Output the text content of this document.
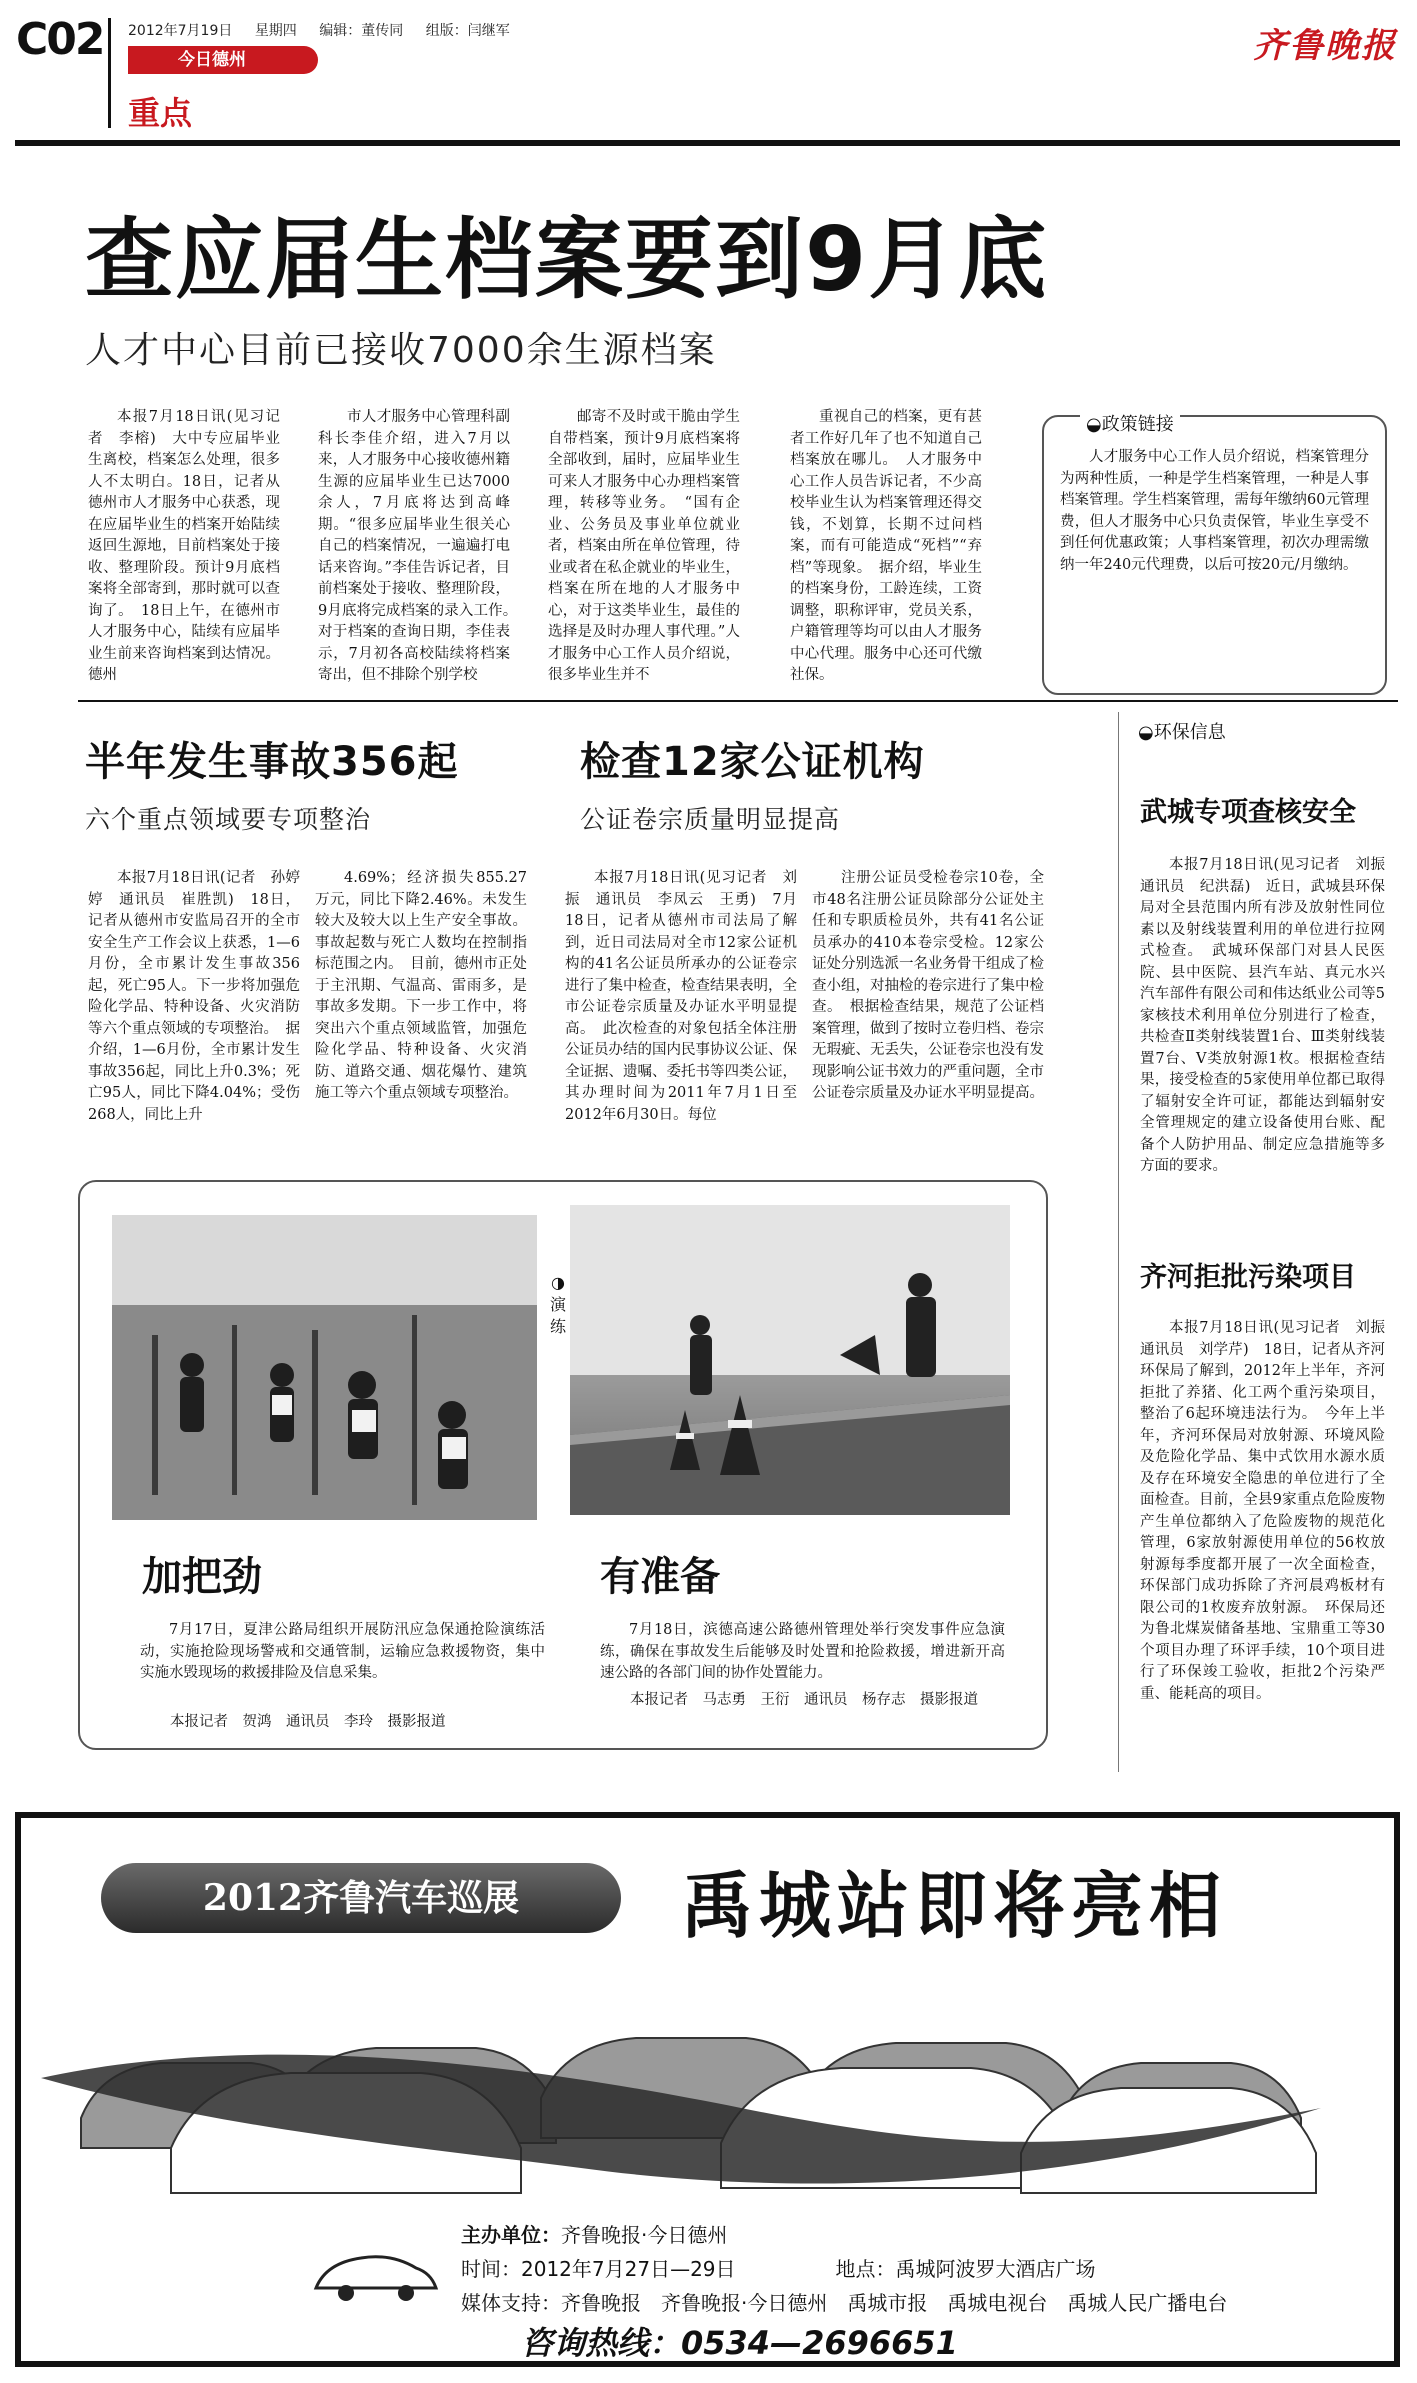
C02 2012年7月19日　 星期四　 编辑：董传同　 组版：闫继军
今日德州
重点
齐鲁晚报
查应届生档案要到9月底
人才中心目前已接收7000余生源档案

本报7月18日讯(见习记者　李榕)　大中专应届毕业生离校，档案怎么处理，很多人不太明白。18日，记者从德州市人才服务中心获悉，现在应届毕业生的档案开始陆续返回生源地，目前档案处于接收、整理阶段。预计9月底档案将全部寄到，那时就可以查询了。　18日上午，在德州市人才服务中心，陆续有应届毕业生前来咨询档案到达情况。德州

市人才服务中心管理科副科长李佳介绍，进入7月以来，人才服务中心接收德州籍生源的应届毕业生已达7000余人，7月底将达到高峰期。“很多应届毕业生很关心自己的档案情况，一遍遍打电话来咨询。”李佳告诉记者，目前档案处于接收、整理阶段，9月底将完成档案的录入工作。　对于档案的查询日期，李佳表示，7月初各高校陆续将档案寄出，但不排除个别学校

邮寄不及时或干脆由学生自带档案，预计9月底档案将全部收到，届时，应届毕业生可来人才服务中心办理档案管理，转移等业务。　“国有企业、公务员及事业单位就业者，档案由所在单位管理，待业或者在私企就业的毕业生，档案在所在地的人才服务中心，对于这类毕业生，最佳的选择是及时办理人事代理。”人才服务中心工作人员介绍说，很多毕业生并不

重视自己的档案，更有甚者工作好几年了也不知道自己档案放在哪儿。　人才服务中心工作人员告诉记者，不少高校毕业生认为档案管理还得交钱，不划算，长期不过问档案，而有可能造成“死档”“弃档”等现象。　据介绍，毕业生的档案身份，工龄连续，工资调整，职称评审，党员关系，户籍管理等均可以由人才服务中心代理。服务中心还可代缴社保。

人才服务中心工作人员介绍说，档案管理分为两种性质，一种是学生档案管理，一种是人事档案管理。学生档案管理，需每年缴纳60元管理费，但人才服务中心只负责保管，毕业生享受不到任何优惠政策；人事档案管理，初次办理需缴纳一年240元代理费，以后可按20元/月缴纳。

◒政策链接
半年发生事故356起
六个重点领域要专项整治

本报7月18日讯(记者　孙婷婷　通讯员　崔胜凯)　18日，记者从德州市安监局召开的全市安全生产工作会议上获悉，1—6月份，全市累计发生事故356起，死亡95人。下一步将加强危险化学品、特种设备、火灾消防等六个重点领域的专项整治。　据介绍，1—6月份，全市累计发生事故356起，同比上升0.3%；死亡95人，同比下降4.04%；受伤268人，同比上升

4.69%；经济损失855.27万元，同比下降2.46%。未发生较大及较大以上生产安全事故。事故起数与死亡人数均在控制指标范围之内。　目前，德州市正处于主汛期、气温高、雷雨多，是事故多发期。下一步工作中，将突出六个重点领域监管，加强危险化学品、特种设备、火灾消防、道路交通、烟花爆竹、建筑施工等六个重点领域专项整治。

检查12家公证机构
公证卷宗质量明显提高

本报7月18日讯(见习记者　刘振　通讯员　李凤云　王勇)　7月18日，记者从德州市司法局了解到，近日司法局对全市12家公证机构的41名公证员所承办的公证卷宗进行了集中检查，检查结果表明，全市公证卷宗质量及办证水平明显提高。　此次检查的对象包括全体注册公证员办结的国内民事协议公证、保全证据、遗嘱、委托书等四类公证，其办理时间为2011年7月1日至2012年6月30日。每位

注册公证员受检卷宗10卷，全市48名注册公证员除部分公证处主任和专职质检员外，共有41名公证员承办的410本卷宗受检。12家公证处分别选派一名业务骨干组成了检查小组，对抽检的卷宗进行了集中检查。　根据检查结果，规范了公证档案管理，做到了按时立卷归档、卷宗无瑕疵、无丢失，公证卷宗也没有发现影响公证书效力的严重问题，全市公证卷宗质量及办证水平明显提高。

◒环保信息
武城专项查核安全

本报7月18日讯(见习记者　刘振　通讯员　纪洪磊)　近日，武城县环保局对全县范围内所有涉及放射性同位素以及射线装置利用的单位进行拉网式检查。　武城环保部门对县人民医院、县中医院、县汽车站、真元水兴汽车部件有限公司和伟达纸业公司等5家核技术利用单位分别进行了检查，共检查Ⅱ类射线装置1台、Ⅲ类射线装置7台、Ⅴ类放射源1枚。根据检查结果，接受检查的5家使用单位都已取得了辐射安全许可证，都能达到辐射安全管理规定的建立设备使用台账、配备个人防护用品、制定应急措施等多方面的要求。

齐河拒批污染项目

本报7月18日讯(见习记者　刘振　通讯员　刘学芹)　18日，记者从齐河环保局了解到，2012年上半年，齐河拒批了养猪、化工两个重污染项目，整治了6起环境违法行为。　今年上半年，齐河环保局对放射源、环境风险及危险化学品、集中式饮用水源水质及存在环境安全隐患的单位进行了全面检查。目前，全县9家重点危险废物产生单位都纳入了危险废物的规范化管理，6家放射源使用单位的56枚放射源每季度都开展了一次全面检查，环保部门成功拆除了齐河晨鸡板材有限公司的1枚废弃放射源。　环保局还为鲁北煤炭储备基地、宝鼎重工等30个项目办理了环评手续，10个项目进行了环保竣工验收，拒批2个污染严重、能耗高的项目。

◑
演练
加把劲

7月17日，夏津公路局组织开展防汛应急保通抢险演练活动，实施抢险现场警戒和交通管制，运输应急救援物资，集中实施水毁现场的救援排险及信息采集。

本报记者　贺鸿　通讯员　李玲　摄影报道
有准备

7月18日，滨德高速公路德州管理处举行突发事件应急演练，确保在事故发生后能够及时处置和抢险救援，增进新开高速公路的各部门间的协作处置能力。

本报记者　马志勇　王衍　通讯员　杨存志　摄影报道
2012齐鲁汽车巡展	禹城站即将亮相
主办单位：齐鲁晚报·今日德州
时间：2012年7月27日—29日　　　　　	地点：禹城阿波罗大酒店广场
媒体支持：齐鲁晚报　齐鲁晚报·今日德州　禹城市报　禹城电视台　禹城人民广播电台
咨询热线：0534—2696651
